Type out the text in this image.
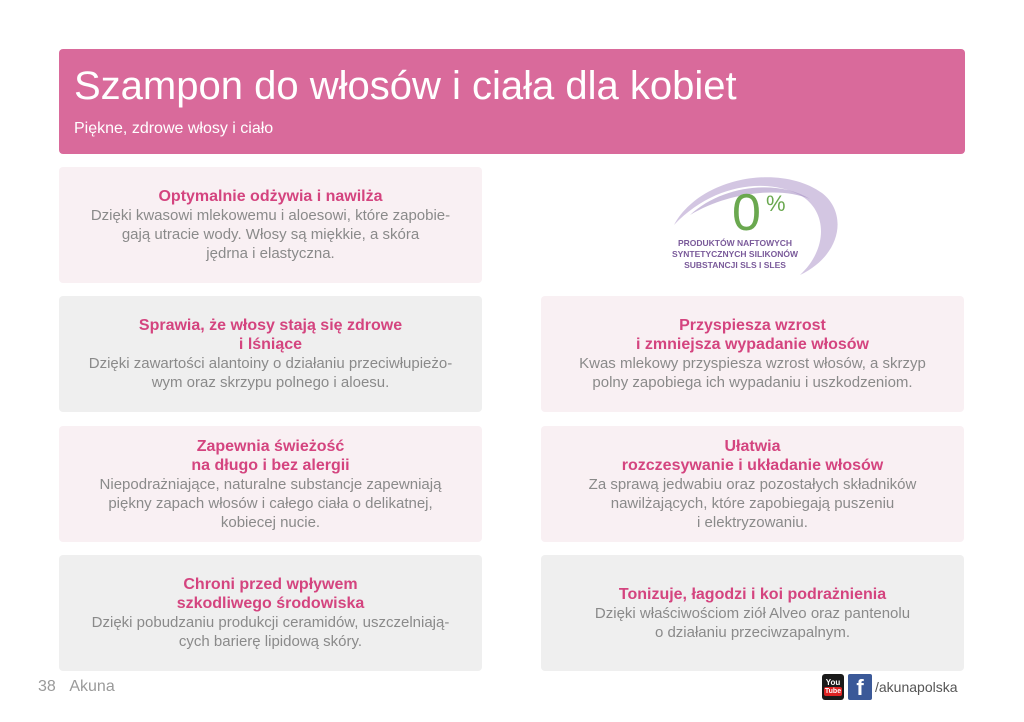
Szampon do włosów i ciała dla kobiet
Piękne, zdrowe włosy i ciało
Optymalnie odżywia i nawilża

Dzięki kwasowi mlekowemu i aloesowi, które zapobie-
gają utracie wody. Włosy są miękkie, a skóra
jędrna i elastyczna.

Sprawia, że włosy stają się zdrowe
i lśniące

Dzięki zawartości alantoiny o działaniu przeciwłupieżo-
wym oraz skrzypu polnego i aloesu.

Przyspiesza wzrost
i zmniejsza wypadanie włosów

Kwas mlekowy przyspiesza wzrost włosów, a skrzyp
polny zapobiega ich wypadaniu i uszkodzeniom.

Zapewnia świeżość
na długo i bez alergii

Niepodrażniające, naturalne substancje zapewniają
piękny zapach włosów i całego ciała o delikatnej,
kobiecej nucie.

Ułatwia
rozczesywanie i układanie włosów

Za sprawą jedwabiu oraz pozostałych składników
nawilżających, które zapobiegają puszeniu
i elektryzowaniu.

Chroni przed wpływem
szkodliwego środowiska

Dzięki pobudzaniu produkcji ceramidów, uszczelniają-
cych barierę lipidową skóry.

Tonizuje, łagodzi i koi podrażnienia

Dzięki właściwościom ziół Alveo oraz pantenolu
o działaniu przeciwzapalnym.

0 %
PRODUKTÓW NAFTOWYCH
SYNTETYCZNYCH SILIKONÓW
SUBSTANCJI SLS I SLES
38 Akuna	You
Tube f /akunapolska
